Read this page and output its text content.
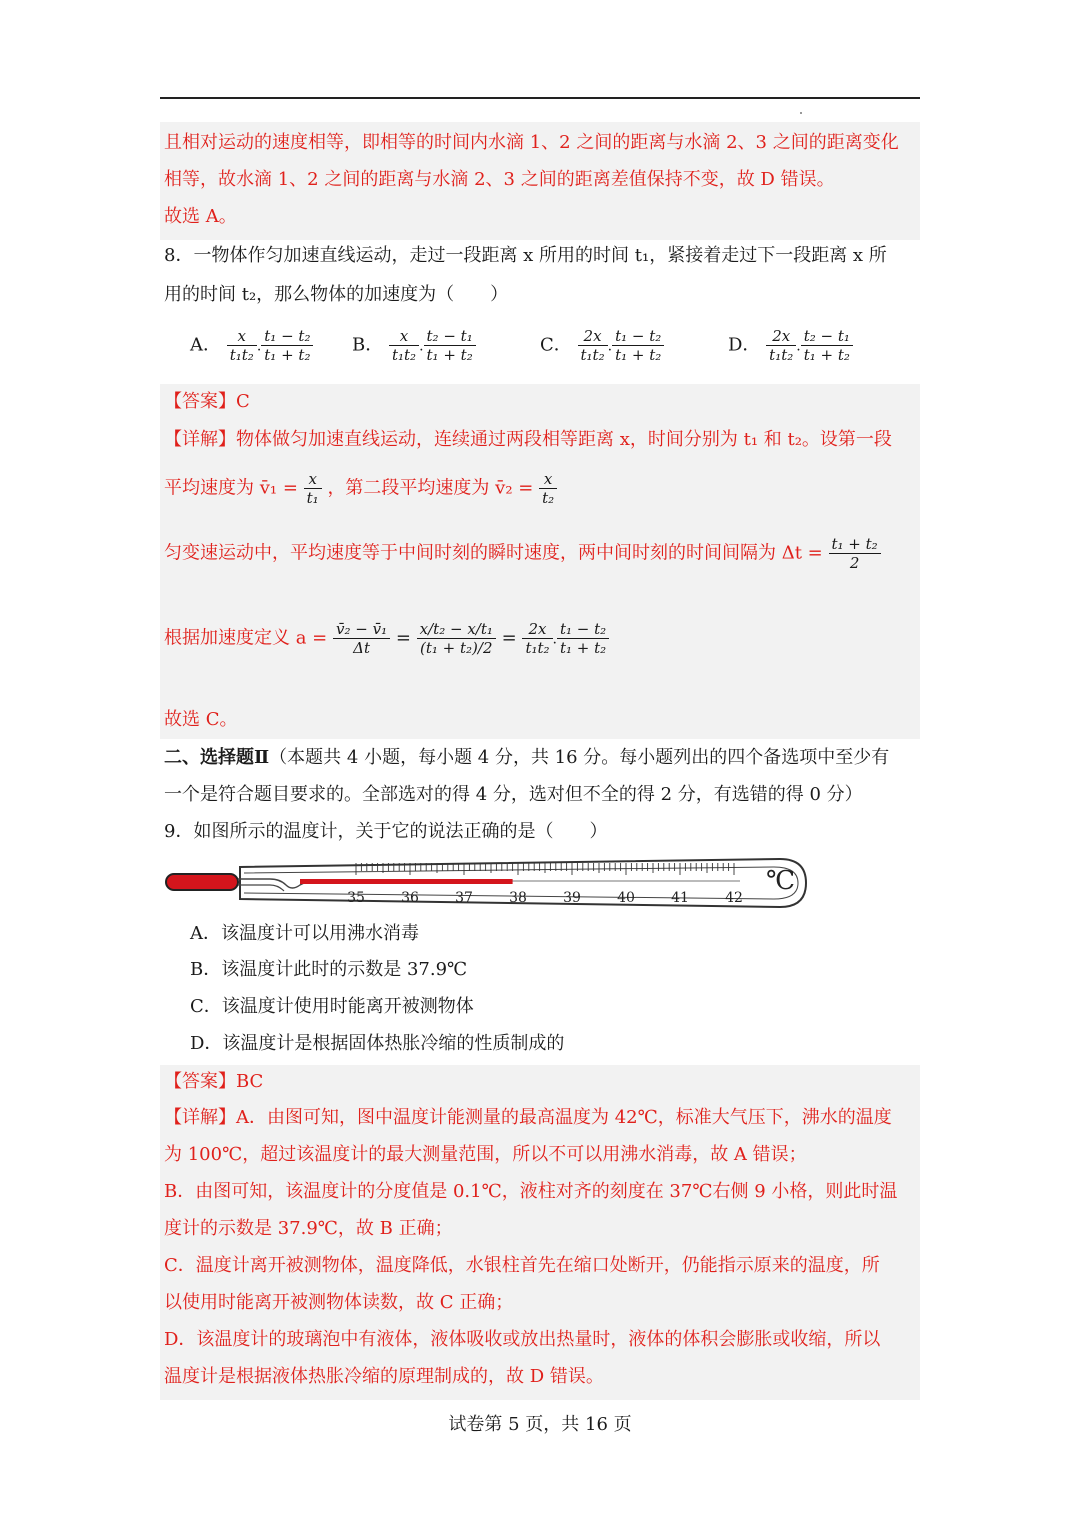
且相对运动的速度相等，即相等的时间内水滴 1、2 之间的距离与水滴 2、3 之间的距离变化
相等，故水滴 1、2 之间的距离与水滴 2、3 之间的距离差值保持不变，故 D 错误。
故选 A。
8．一物体作匀加速直线运动，走过一段距离 x 所用的时间 t₁，紧接着走过下一段距离 x 所
用的时间 t₂，那么物体的加速度为（　　）
A． $\frac{x}{\text{t₁t₂}}$ . $\frac{\text{t₁ − t₂}}{\text{t₁ + t₂}}$ B． $\frac{x}{\text{t₁t₂}}$ . $\frac{\text{t₂ − t₁}}{\text{t₁ + t₂}}$	C． $\frac{2x}{\text{t₁t₂}}$ . $\frac{\text{t₁ − t₂}}{\text{t₁ + t₂}}$	D． $\frac{2x}{\text{t₁t₂}}$ . $\frac{\text{t₂ − t₁}}{\text{t₁ + t₂}}$
【答案】C
【详解】物体做匀加速直线运动，连续通过两段相等距离 x，时间分别为 t₁ 和 t₂。设第一段
平均速度为 v̄₁ = $\frac{x}{\text{t₁}}$ ，第二段平均速度为 v̄₂ = $\frac{x}{\text{t₂}}$
匀变速运动中，平均速度等于中间时刻的瞬时速度，两中间时刻的时间间隔为 $\Delta t = \frac{\text{t₁ + t₂}}{2}$
根据加速度定义 $a = \frac{\text{v̄₂ − v̄₁}}{\Delta t} = \frac{\text{x/t₂ − x/t₁}}{\text{(t₁ + t₂)/2}} = \frac{2x}{\text{t₁t₂}}$ . $\frac{\text{t₁ − t₂}}{\text{t₁ + t₂}}$
故选 C。
二、选择题Ⅱ（本题共 4 小题，每小题 4 分，共 16 分。每小题列出的四个备选项中至少有
一个是符合题目要求的。全部选对的得 4 分，选对但不全的得 2 分，有选错的得 0 分）
9．如图所示的温度计，关于它的说法正确的是（　　）
35	36	37	38	39	40	41	42
℃
A．该温度计可以用沸水消毒
B．该温度计此时的示数是 37.9℃
C．该温度计使用时能离开被测物体
D．该温度计是根据固体热胀冷缩的性质制成的
【答案】BC
【详解】A．由图可知，图中温度计能测量的最高温度为 42℃，标准大气压下，沸水的温度
为 100℃，超过该温度计的最大测量范围，所以不可以用沸水消毒，故 A 错误；
B．由图可知，该温度计的分度值是 0.1℃，液柱对齐的刻度在 37℃右侧 9 小格，则此时温
度计的示数是 37.9℃，故 B 正确；
C．温度计离开被测物体，温度降低，水银柱首先在缩口处断开，仍能指示原来的温度，所
以使用时能离开被测物体读数，故 C 正确；
D．该温度计的玻璃泡中有液体，液体吸收或放出热量时，液体的体积会膨胀或收缩，所以
温度计是根据液体热胀冷缩的原理制成的，故 D 错误。
试卷第 5 页，共 16 页
